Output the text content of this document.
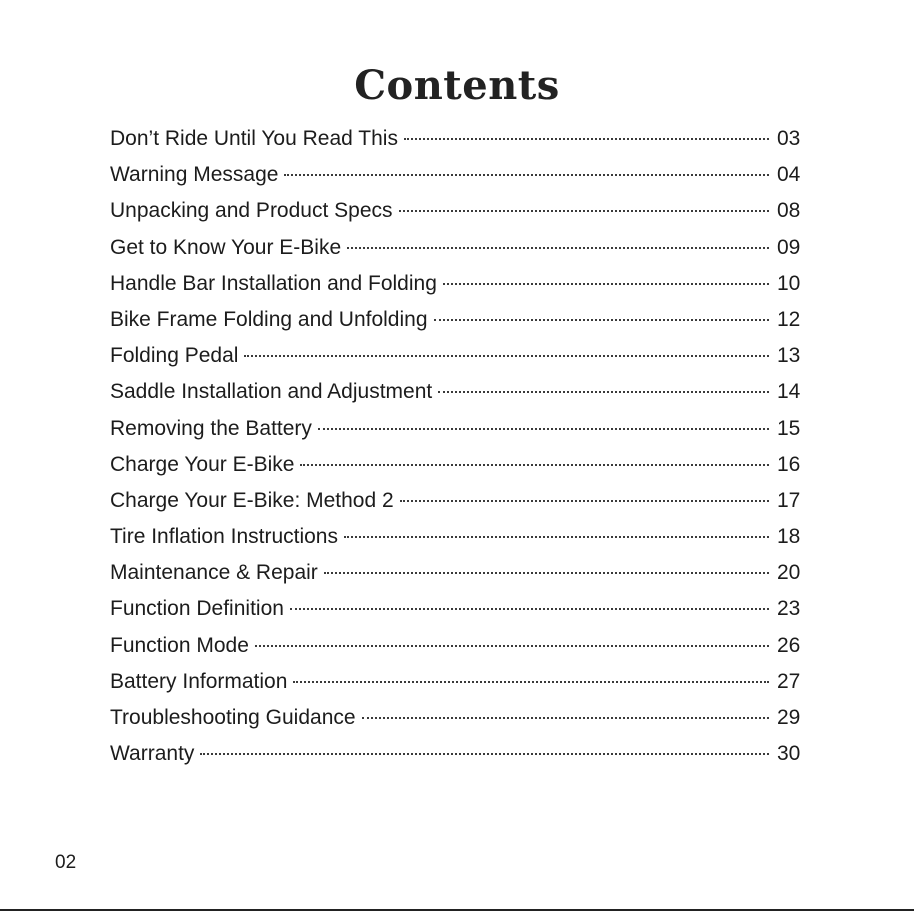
Contents
Don’t Ride Until You Read This	03
Warning Message	04
Unpacking and Product Specs	08
Get to Know Your E-Bike	09
Handle Bar Installation and Folding	10
Bike Frame Folding and Unfolding	12
Folding Pedal	13
Saddle Installation and Adjustment	14
Removing the Battery	15
Charge Your E-Bike	16
Charge Your E-Bike: Method 2	17
Tire Inflation Instructions	18
Maintenance & Repair	20
Function Definition	23
Function Mode	26
Battery Information	27
Troubleshooting Guidance	29
Warranty	30
02
